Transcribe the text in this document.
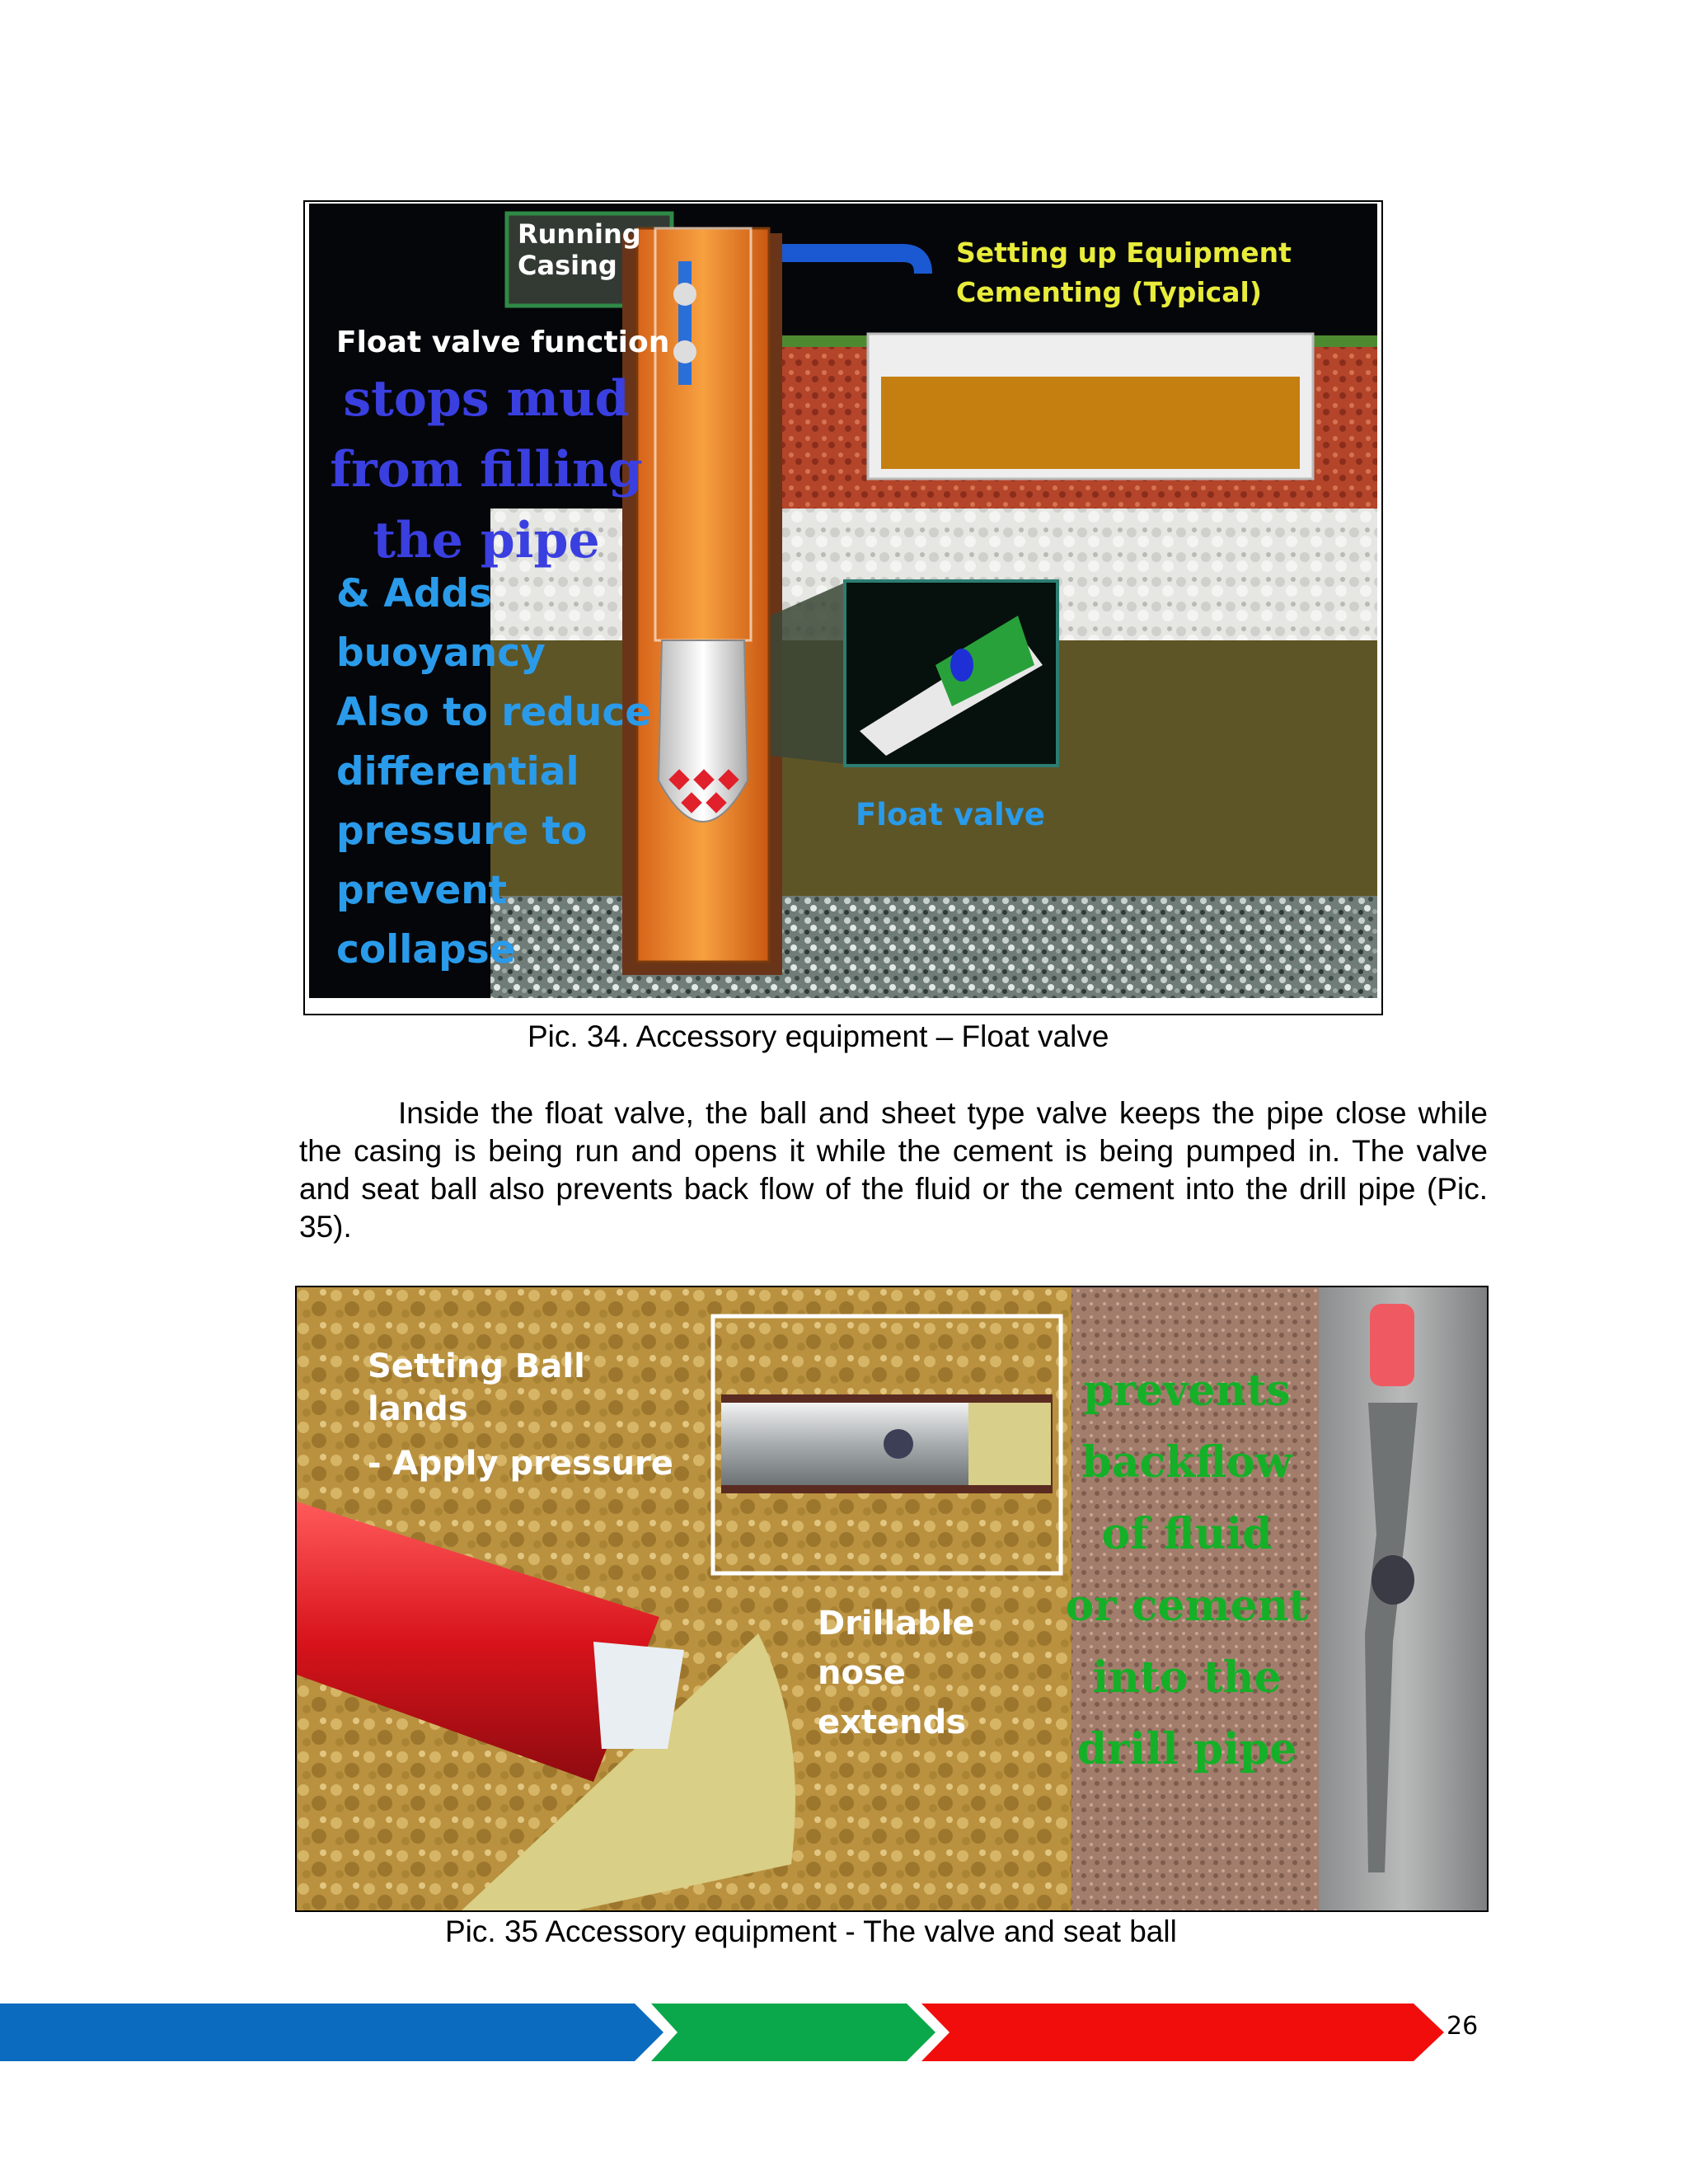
Running
Casing	Setting up Equipment
Cementing (Typical)
Float valve function
stops mud
from filling
the pipe
& Adds
buoyancy
Also to reduce
differential
pressure to
prevent
collapse
Float valve
Pic. 34. Accessory equipment – Float valve

Inside the float valve, the ball and sheet type valve keeps the pipe close while the casing is being run and opens it while the cement is being pumped in. The valve and seat ball also prevents back flow of the fluid or the cement into the drill pipe (Pic. 35).

Setting Ball
lands
- Apply pressure
Drillable
nose
extends
prevents
backflow
of fluid
or cement
into the
drill pipe
Pic. 35 Accessory equipment - The valve and seat ball
26
